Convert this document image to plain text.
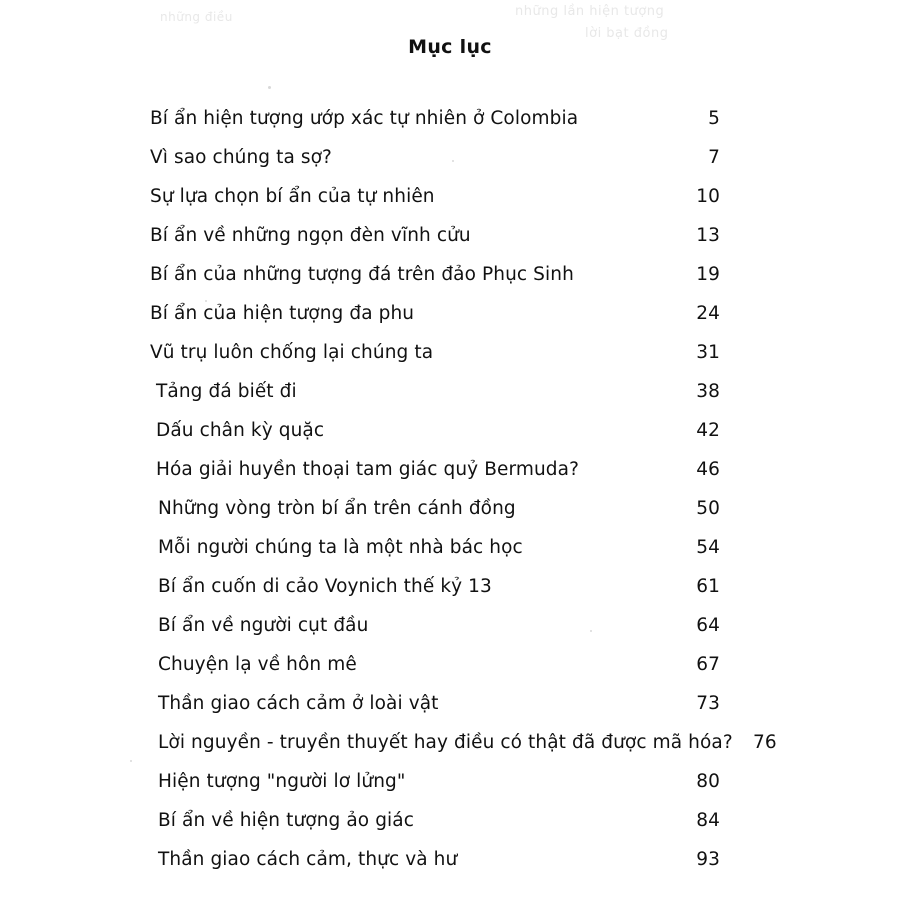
những lần hiện tượng
lời bạt đồng
những điều
Mục lục
Bí ẩn hiện tượng ướp xác tự nhiên ở Colombia	5
Vì sao chúng ta sợ?	7
Sự lựa chọn bí ẩn của tự nhiên	10
Bí ẩn về những ngọn đèn vĩnh cửu	13
Bí ẩn của những tượng đá trên đảo Phục Sinh	19
Bí ẩn của hiện tượng đa phu	24
Vũ trụ luôn chống lại chúng ta	31
Tảng đá biết đi	38
Dấu chân kỳ quặc	42
Hóa giải huyền thoại tam giác quỷ Bermuda?	46
Những vòng tròn bí ẩn trên cánh đồng	50
Mỗi người chúng ta là một nhà bác học	54
Bí ẩn cuốn di cảo Voynich thế kỷ 13	61
Bí ẩn về người cụt đầu	64
Chuyện lạ về hôn mê	67
Thần giao cách cảm ở loài vật	73
Lời nguyền - truyền thuyết hay điều có thật đã được mã hóa?	76
Hiện tượng "người lơ lửng"	80
Bí ẩn về hiện tượng ảo giác	84
Thần giao cách cảm, thực và hư	93
